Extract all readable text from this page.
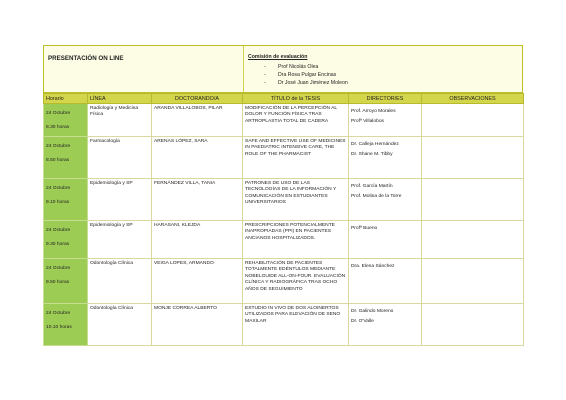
PRESENTACIÓN ON LINE	Comisión de evaluación
- Prof Nicolás Olea
- Dra Rosa Pulgar Encinas
- Dr José Juan Jiménez Moleon
Horario	LÍNEA	DOCTORANDO/A	TÍTULO de la TESIS	DIRECTOR/ES	OBSERVACIONES

24 Octubre
8.30 horas	Radiología y Medicina Física	ARANDA VILLALOBOS, PILAR	MODIFICACIÓN DE LA PERCEPCIÓN AL DOLOR Y FUNCIÓN FÍSICA TRAS ARTROPLASTIA TOTAL DE CADERA	Prof. Arroyo Morales
Profª Villalobos	

24 Octubre
8.50 horas	Farmacología	ARENAS LÓPEZ, SARA	SAFE AND EFFECTIVE USE OF MEDICINES IN PAEDIATRIC INTENSIVE CARE, THE ROLE OF THE PHARMACIST	Dr. Calleja Hernández
Dr. Shane M. Tibby	

24 Octubre
9.10 horas	Epidemiología y SP	FERNÁNDEZ VILLA, TANIA	PATRONES DE USO DE LAS TECNOLOGÍAS DE LA INFORMACIÓN Y COMUNICACIÓN EN ESTUDIANTES UNIVERSITARIOS	Prof. García Martín
Prof. Molina de la Torre	

24 Octubre
9.30 horas	Epidemiología y SP	HARASANI, KLEJDA	PRESCRIPCIONES POTENCIALMENTE INAPROPIADAS (PPI) EN PACIENTES ANCIANOS HOSPITALIZADOS.	Profª Bueno	

24 Octubre
9.50 horas	Odontología Clínica	VEIGA LOPES, ARMANDO	REHABILITACIÓN DE PACIENTES TOTALMENTE EDÉNTULOS MEDIANTE NOBELGUIDE ALL-ON-FOUR. EVALUACIÓN CLÍNICA Y RADIOGRÁFICA TRAS OCHO AÑOS DE SEGUIMIENTO	Dra. Elena Sánchez	

24 Octubre
10.10 horas	Odontología Clínica	MONJE CORREA ALBERTO	ESTUDIO IN VIVO DE DOS ALOINERTOS UTILIZADOS PARA ELEVACIÓN DE SENO MAXILAR	Dr. Galindo Moreno
Dr. O'Valle	
